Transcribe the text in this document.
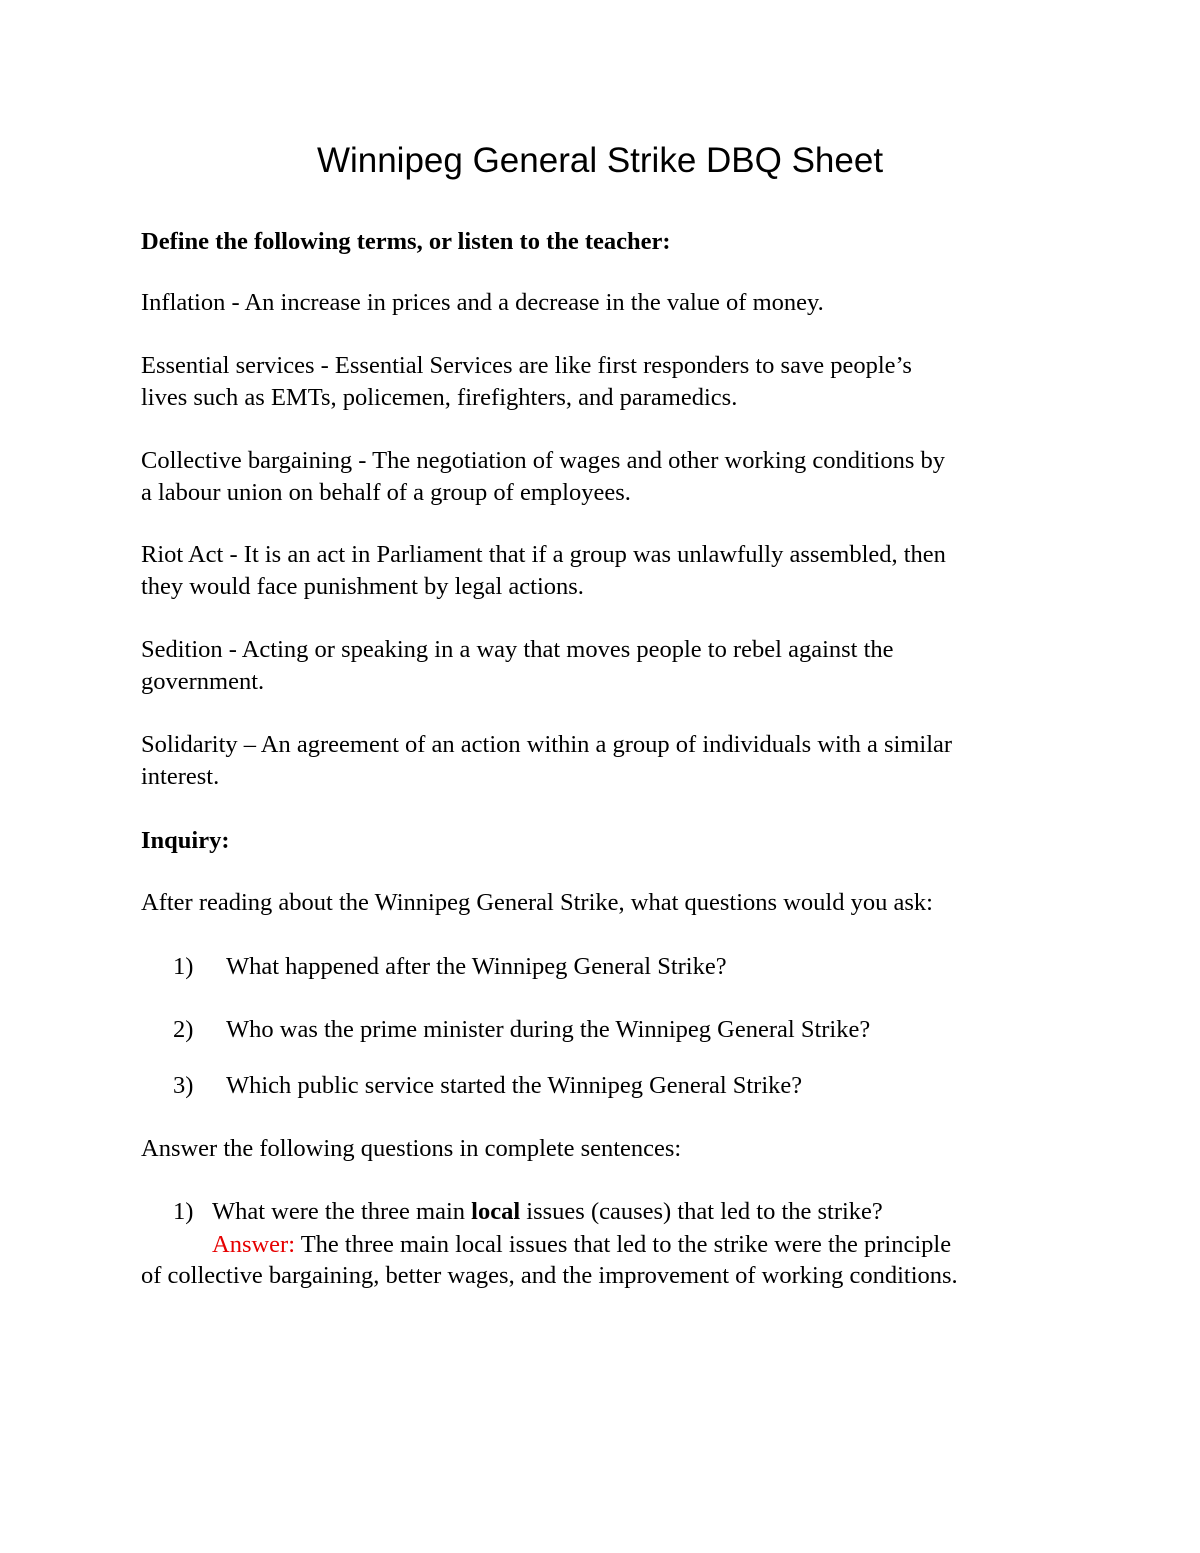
Winnipeg General Strike DBQ Sheet
Define the following terms, or listen to the teacher:
Inflation - An increase in prices and a decrease in the value of money.
Essential services - Essential Services are like first responders to save people’s
lives such as EMTs, policemen, firefighters, and paramedics.
Collective bargaining - The negotiation of wages and other working conditions by
a labour union on behalf of a group of employees.
Riot Act - It is an act in Parliament that if a group was unlawfully assembled, then
they would face punishment by legal actions.
Sedition - Acting or speaking in a way that moves people to rebel against the
government.
Solidarity – An agreement of an action within a group of individuals with a similar
interest.
Inquiry:
After reading about the Winnipeg General Strike, what questions would you ask:
1) What happened after the Winnipeg General Strike?
2) Who was the prime minister during the Winnipeg General Strike?
3) Which public service started the Winnipeg General Strike?
Answer the following questions in complete sentences:
1) What were the three main local issues (causes) that led to the strike?
Answer: The three main local issues that led to the strike were the principle
of collective bargaining, better wages, and the improvement of working conditions.
